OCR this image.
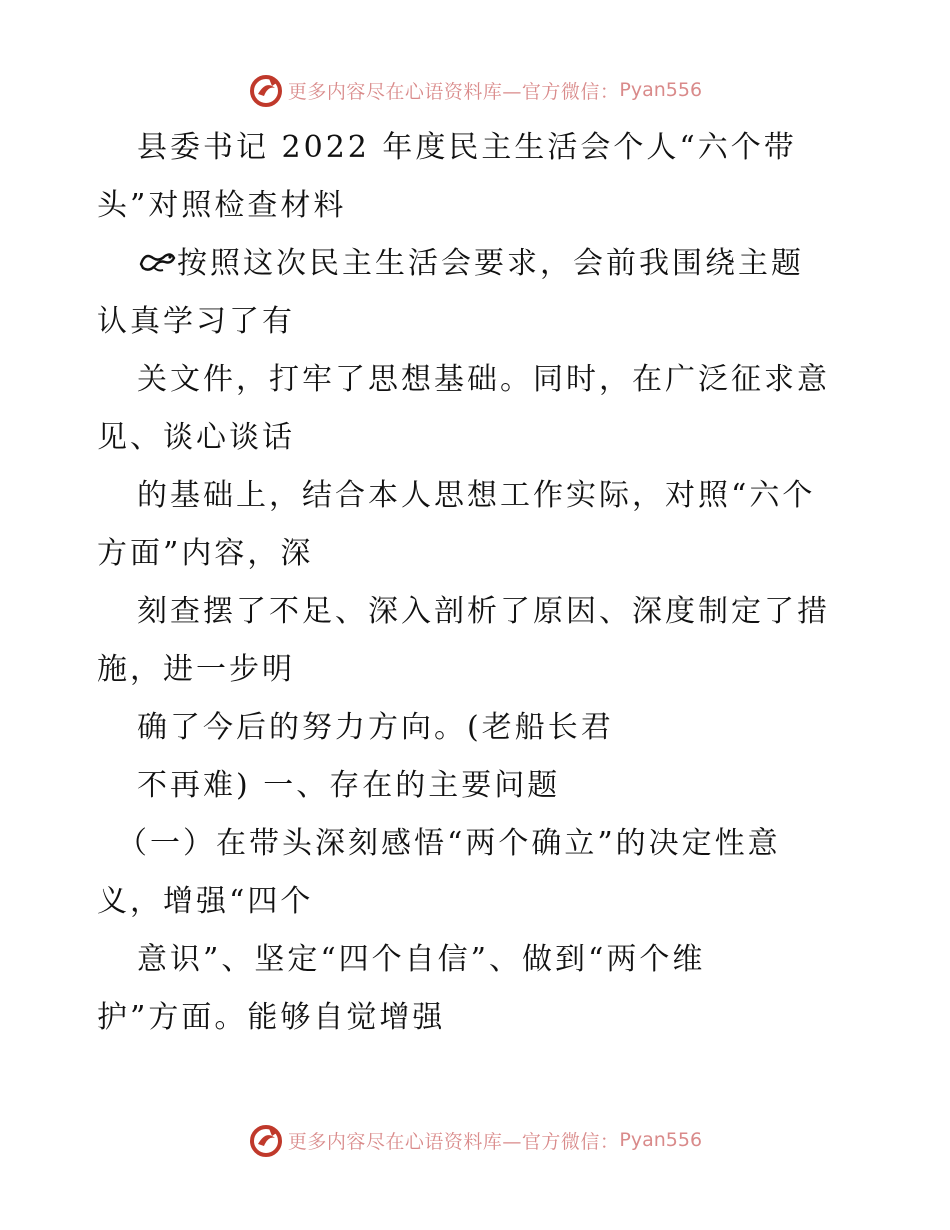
更多内容尽在心语资料库—官方微信： Pyan556
县委书记 2022 年度民主生活会个人“六个带
头”对照检查材料
按照这次民主生活会要求，会前我围绕主题
认真学习了有
关文件，打牢了思想基础。同时，在广泛征求意
见、谈心谈话
的基础上，结合本人思想工作实际，对照“六个
方面”内容，深
刻查摆了不足、深入剖析了原因、深度制定了措
施，进一步明
确了今后的努力方向。(老船长君
不再难) 一、存在的主要问题
（一）在带头深刻感悟“两个确立”的决定性意
义，增强“四个
意识”、坚定“四个自信”、做到“两个维
护”方面。能够自觉增强
更多内容尽在心语资料库—官方微信： Pyan556
